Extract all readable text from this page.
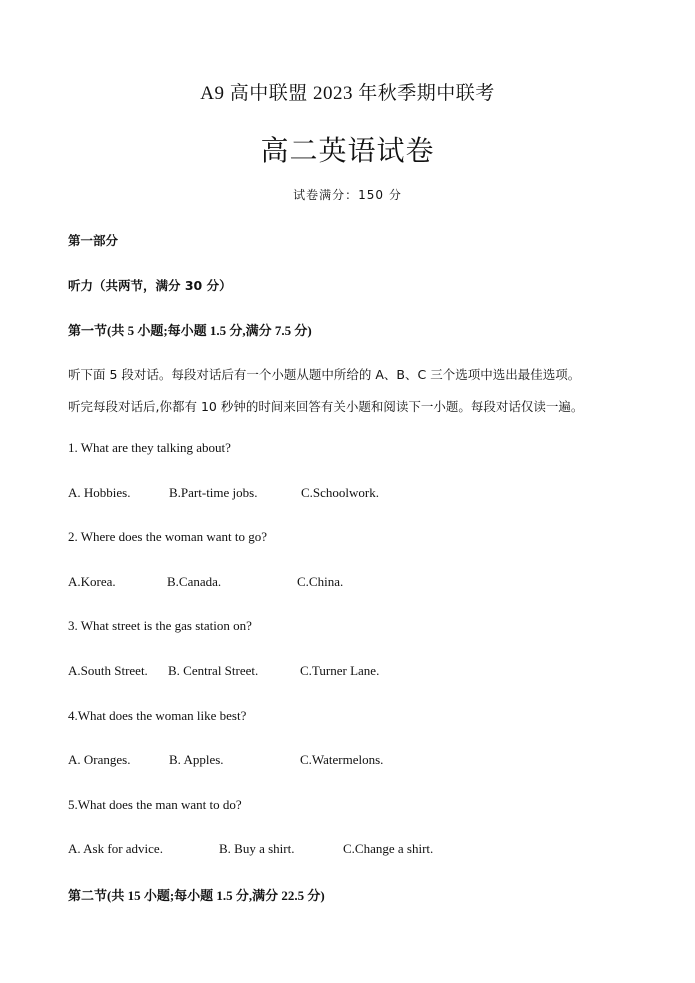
A9 高中联盟 2023 年秋季期中联考
高二英语试卷
试卷满分：150 分
第一部分
听力（共两节，满分 30 分）
第一节(共 5 小题;每小题 1.5 分,满分 7.5 分)
听下面 5 段对话。每段对话后有一个小题从题中所给的 A、B、C 三个选项中选出最佳选项。
听完每段对话后,你都有 10 秒钟的时间来回答有关小题和阅读下一小题。每段对话仅读一遍。
1. What are they talking about?
A. Hobbies.	B.Part-time jobs.	C.Schoolwork.
2. Where does the woman want to go?
A.Korea.	B.Canada.	C.China.
3. What street is the gas station on?
A.South Street. B. Central Street.	C.Turner Lane.
4.What does the woman like best?
A. Oranges.	B. Apples.	C.Watermelons.
5.What does the man want to do?
A. Ask for advice.	B. Buy a shirt.	C.Change a shirt.
第二节(共 15 小题;每小题 1.5 分,满分 22.5 分)
